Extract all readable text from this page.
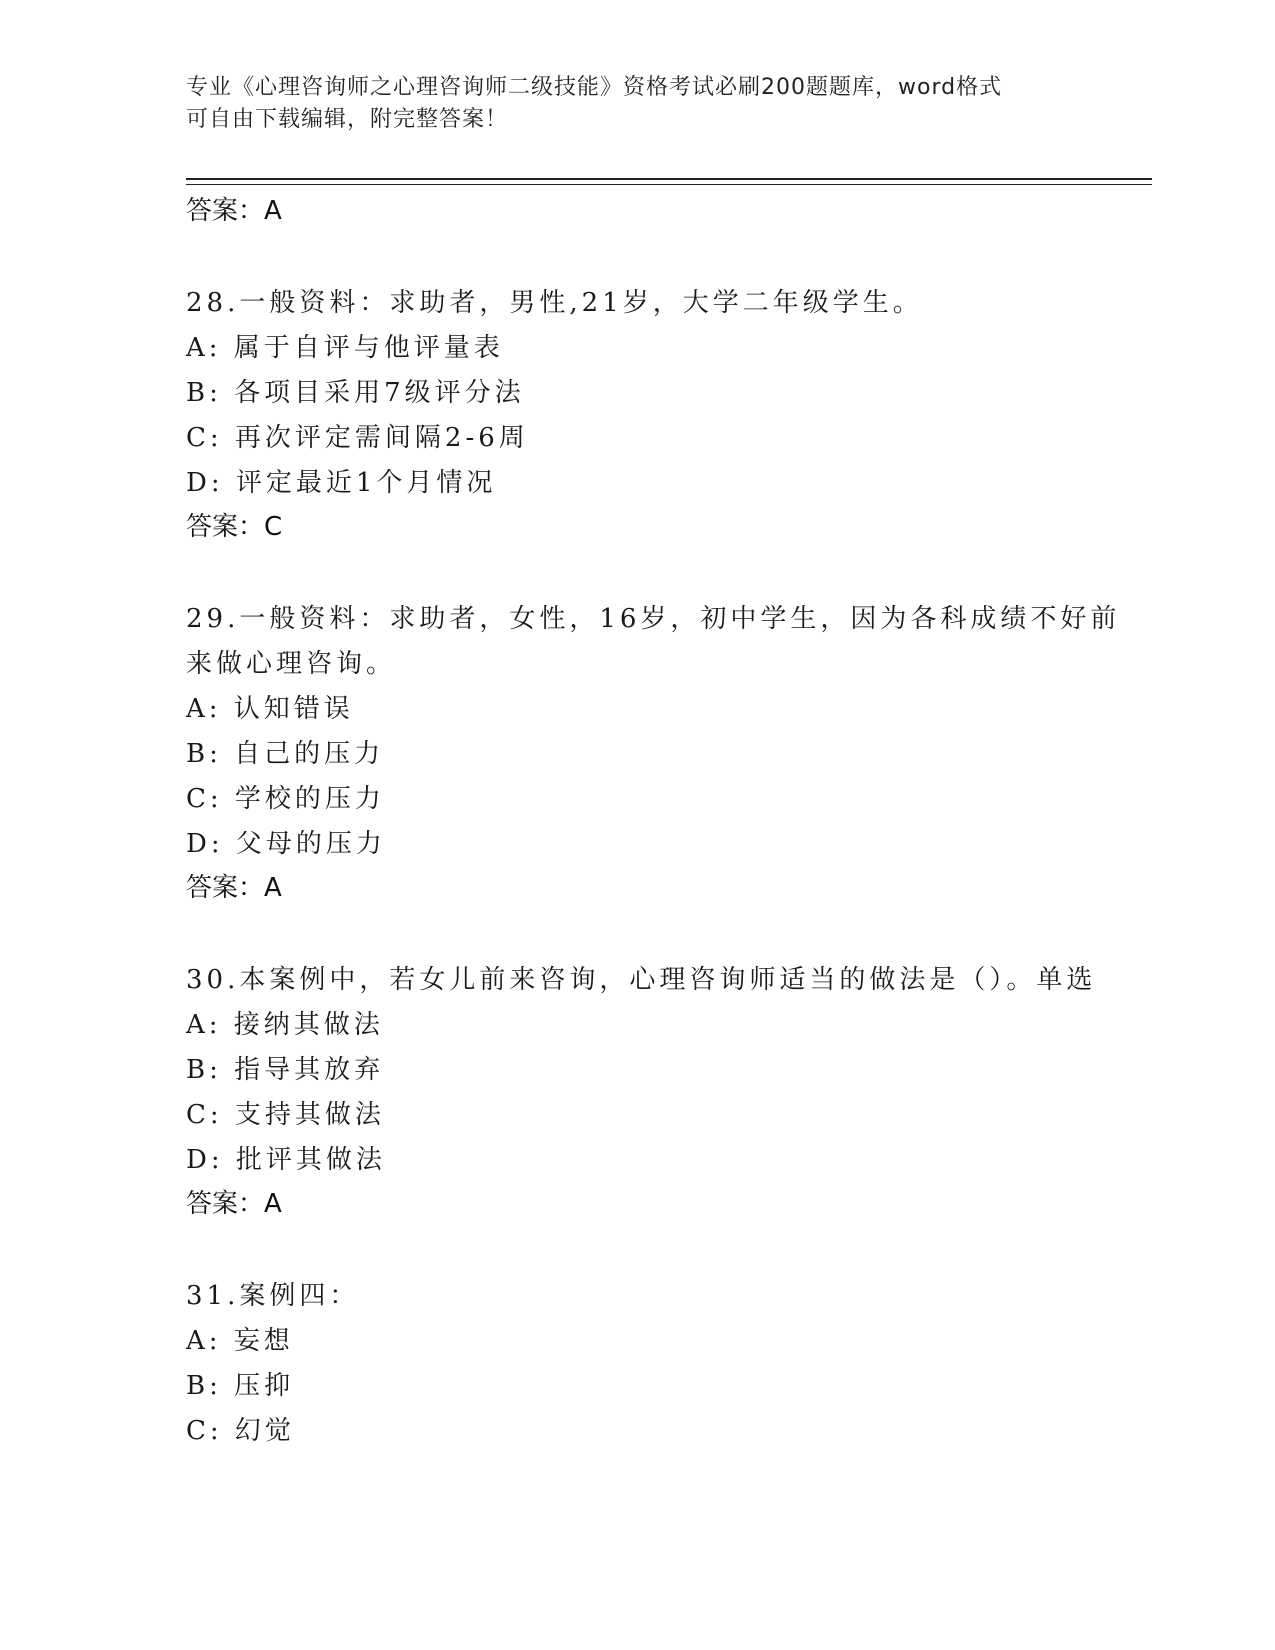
专业《心理咨询师之心理咨询师二级技能》资格考试必刷200题题库，word格式
可自由下载编辑，附完整答案！
答案：A
28.一般资料：求助者，男性,21岁，大学二年级学生。
A: 属于自评与他评量表
B: 各项目采用7级评分法
C: 再次评定需间隔2-6周
D: 评定最近1个月情况
答案：C
29.一般资料：求助者，女性，16岁，初中学生，因为各科成绩不好前
来做心理咨询。
A: 认知错误
B: 自己的压力
C: 学校的压力
D: 父母的压力
答案：A
30.本案例中，若女儿前来咨询，心理咨询师适当的做法是（）。单选
A: 接纳其做法
B: 指导其放弃
C: 支持其做法
D: 批评其做法
答案：A
31.案例四：
A: 妄想
B: 压抑
C: 幻觉
